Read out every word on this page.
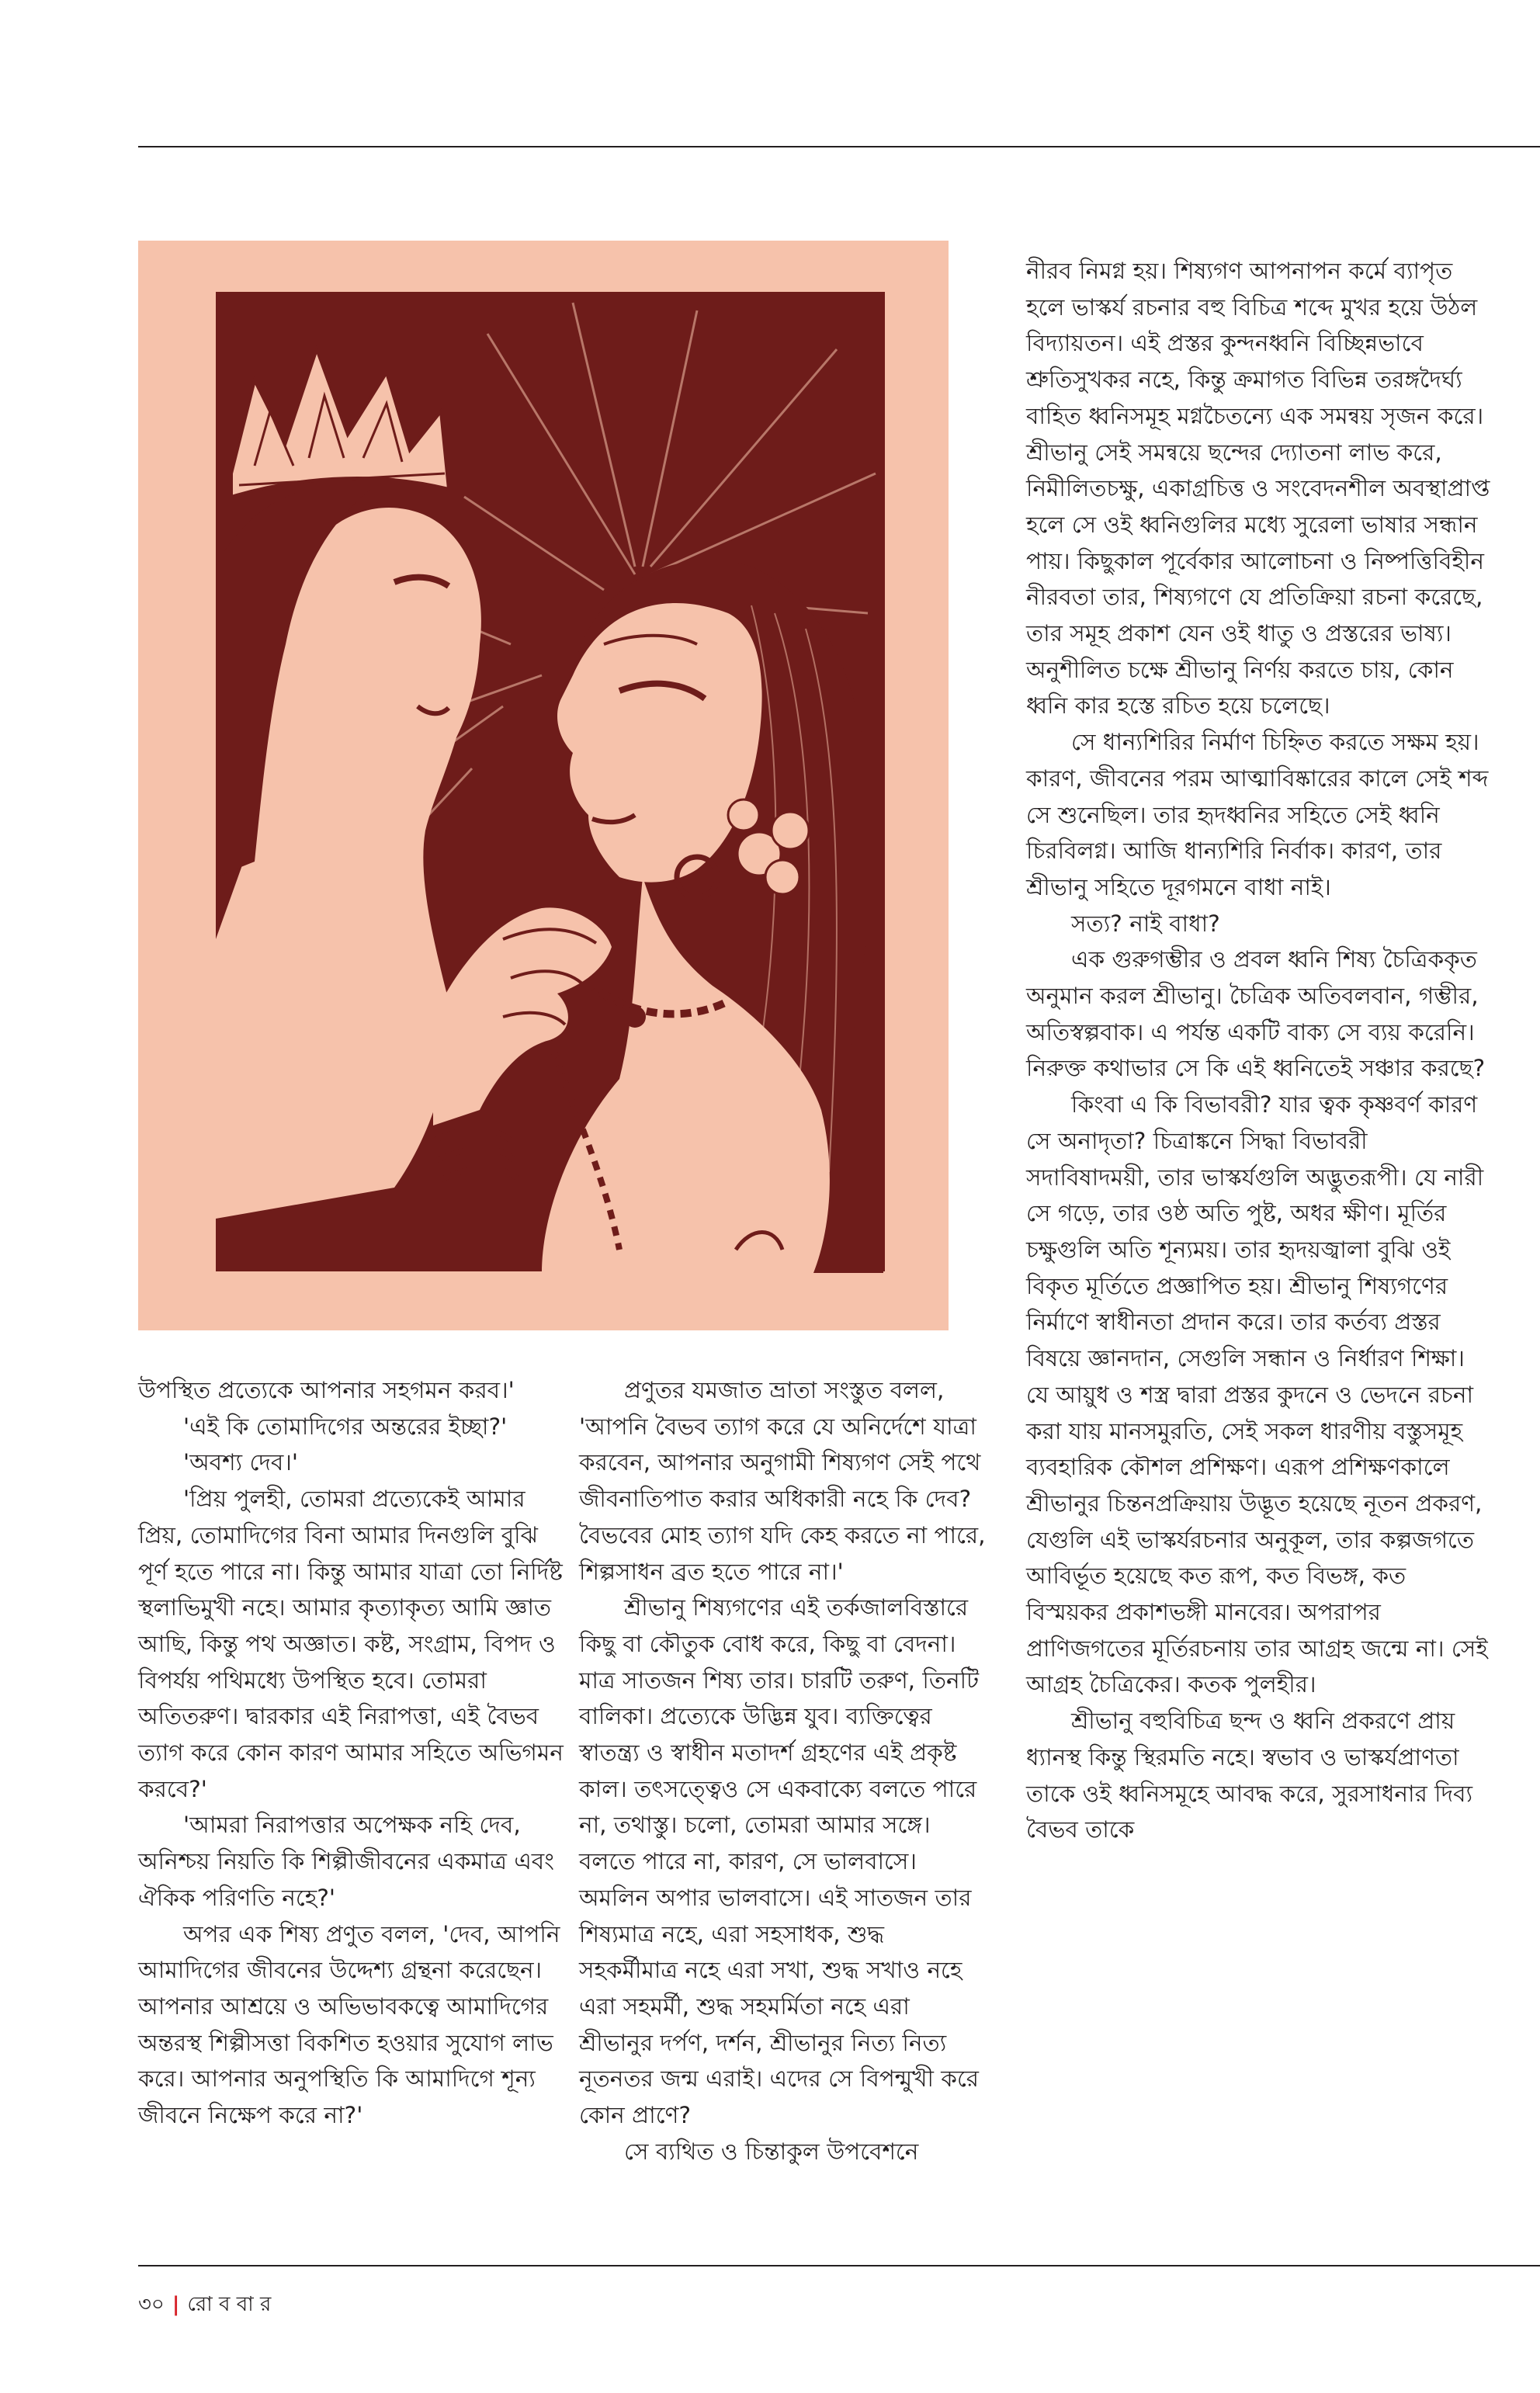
নীরব নিমগ্ন হয়। শিষ্যগণ আপনাপন কর্মে ব্যাপৃত হলে ভাস্কর্য রচনার বহু বিচিত্র শব্দে মুখর হয়ে উঠল বিদ্যায়তন। এই প্রস্তর কুন্দনধ্বনি বিচ্ছিন্নভাবে শ্রুতিসুখকর নহে, কিন্তু ক্রমাগত বিভিন্ন তরঙ্গদৈর্ঘ্য বাহিত ধ্বনিসমূহ মগ্নচৈতন্যে এক সমন্বয় সৃজন করে। শ্রীভানু সেই সমন্বয়ে ছন্দের দ্যোতনা লাভ করে, নিমীলিতচক্ষু, একাগ্রচিত্ত ও সংবেদনশীল অবস্থাপ্রাপ্ত হলে সে ওই ধ্বনিগুলির মধ্যে সুরেলা ভাষার সন্ধান পায়। কিছুকাল পূর্বেকার আলোচনা ও নিষ্পত্তিবিহীন নীরবতা তার, শিষ্যগণে যে প্রতিক্রিয়া রচনা করেছে, তার সমূহ প্রকাশ যেন ওই ধাতু ও প্রস্তরের ভাষ্য। অনুশীলিত চক্ষে শ্রীভানু নির্ণয় করতে চায়, কোন ধ্বনি কার হস্তে রচিত হয়ে চলেছে।

সে ধান্যশিরির নির্মাণ চিহ্নিত করতে সক্ষম হয়। কারণ, জীবনের পরম আত্মাবিষ্কারের কালে সেই শব্দ সে শুনেছিল। তার হৃদধ্বনির সহিতে সেই ধ্বনি চিরবিলগ্ন। আজি ধান্যশিরি নির্বাক। কারণ, তার শ্রীভানু সহিতে দূরগমনে বাধা নাই।

সত্য? নাই বাধা?

এক গুরুগম্ভীর ও প্রবল ধ্বনি শিষ্য চৈত্রিককৃত অনুমান করল শ্রীভানু। চৈত্রিক অতিবলবান, গম্ভীর, অতিস্বল্পবাক। এ পর্যন্ত একটি বাক্য সে ব্যয় করেনি। নিরুক্ত কথাভার সে কি এই ধ্বনিতেই সঞ্চার করছে?

কিংবা এ কি বিভাবরী? যার ত্বক কৃষ্ণবর্ণ কারণ সে অনাদৃতা? চিত্রাঙ্কনে সিদ্ধা বিভাবরী সদাবিষাদময়ী, তার ভাস্কর্যগুলি অদ্ভুতরূপী। যে নারী সে গড়ে, তার ওষ্ঠ অতি পুষ্ট, অধর ক্ষীণ। মূর্তির চক্ষুগুলি অতি শূন্যময়। তার হৃদয়জ্বালা বুঝি ওই বিকৃত মূর্তিতে প্রজ্ঞাপিত হয়। শ্রীভানু শিষ্যগণের নির্মাণে স্বাধীনতা প্রদান করে। তার কর্তব্য প্রস্তর বিষয়ে জ্ঞানদান, সেগুলি সন্ধান ও নির্ধারণ শিক্ষা। যে আয়ুধ ও শস্ত্র দ্বারা প্রস্তর কুদনে ও ভেদনে রচনা করা যায় মানসমুরতি, সেই সকল ধারণীয় বস্তুসমূহ ব্যবহারিক কৌশল প্রশিক্ষণ। এরূপ প্রশিক্ষণকালে শ্রীভানুর চিন্তনপ্রক্রিয়ায় উদ্ভূত হয়েছে নূতন প্রকরণ, যেগুলি এই ভাস্কর্যরচনার অনুকূল, তার কল্পজগতে আবির্ভূত হয়েছে কত রূপ, কত বিভঙ্গ, কত বিস্ময়কর প্রকাশভঙ্গী মানবের। অপরাপর প্রাণিজগতের মূর্তিরচনায় তার আগ্রহ জন্মে না। সেই আগ্রহ চৈত্রিকের। কতক পুলহীর।

শ্রীভানু বহুবিচিত্র ছন্দ ও ধ্বনি প্রকরণে প্রায় ধ্যানস্থ কিন্তু স্থিরমতি নহে। স্বভাব ও ভাস্কর্যপ্রাণতা তাকে ওই ধ্বনিসমূহে আবদ্ধ করে, সুরসাধনার দিব্য বৈভব তাকে

উপস্থিত প্রত্যেকে আপনার সহগমন করব।'

'এই কি তোমাদিগের অন্তরের ইচ্ছা?'

'অবশ্য দেব।'

'প্রিয় পুলহী, তোমরা প্রত্যেকেই আমার প্রিয়, তোমাদিগের বিনা আমার দিনগুলি বুঝি পূর্ণ হতে পারে না। কিন্তু আমার যাত্রা তো নির্দিষ্ট স্থলাভিমুখী নহে। আমার কৃত্যাকৃত্য আমি জ্ঞাত আছি, কিন্তু পথ অজ্ঞাত। কষ্ট, সংগ্রাম, বিপদ ও বিপর্যয় পথিমধ্যে উপস্থিত হবে। তোমরা অতিতরুণ। দ্বারকার এই নিরাপত্তা, এই বৈভব ত্যাগ করে কোন কারণ আমার সহিতে অভিগমন করবে?'

'আমরা নিরাপত্তার অপেক্ষক নহি দেব, অনিশ্চয় নিয়তি কি শিল্পীজীবনের একমাত্র এবং ঐকিক পরিণতি নহে?'

অপর এক শিষ্য প্রণুত বলল, 'দেব, আপনি আমাদিগের জীবনের উদ্দেশ্য গ্রন্থনা করেছেন। আপনার আশ্রয়ে ও অভিভাবকত্বে আমাদিগের অন্তরস্থ শিল্পীসত্তা বিকশিত হওয়ার সুযোগ লাভ করে। আপনার অনুপস্থিতি কি আমাদিগে শূন্য জীবনে নিক্ষেপ করে না?'

প্রণুতর যমজাত ভ্রাতা সংস্তুত বলল, 'আপনি বৈভব ত্যাগ করে যে অনির্দেশে যাত্রা করবেন, আপনার অনুগামী শিষ্যগণ সেই পথে জীবনাতিপাত করার অধিকারী নহে কি দেব? বৈভবের মোহ ত্যাগ যদি কেহ করতে না পারে, শিল্পসাধন ব্রত হতে পারে না।'

শ্রীভানু শিষ্যগণের এই তর্কজালবিস্তারে কিছু বা কৌতুক বোধ করে, কিছু বা বেদনা। মাত্র সাতজন শিষ্য তার। চারটি তরুণ, তিনটি বালিকা। প্রত্যেকে উদ্ভিন্ন যুব। ব্যক্তিত্বের স্বাতন্ত্র্য ও স্বাধীন মতাদর্শ গ্রহণের এই প্রকৃষ্ট কাল। তৎসত্ত্বেও সে একবাক্যে বলতে পারে না, তথাস্তু। চলো, তোমরা আমার সঙ্গে। বলতে পারে না, কারণ, সে ভালবাসে। অমলিন অপার ভালবাসে। এই সাতজন তার শিষ্যমাত্র নহে, এরা সহসাধক, শুদ্ধ সহকর্মীমাত্র নহে এরা সখা, শুদ্ধ সখাও নহে এরা সহমর্মী, শুদ্ধ সহমর্মিতা নহে এরা শ্রীভানুর দর্পণ, দর্শন, শ্রীভানুর নিত্য নিত্য নূতনতর জন্ম এরাই। এদের সে বিপন্মুখী করে কোন প্রাণে?

সে ব্যথিত ও চিন্তাকুল উপবেশনে

৩০ | রো ব বা র
